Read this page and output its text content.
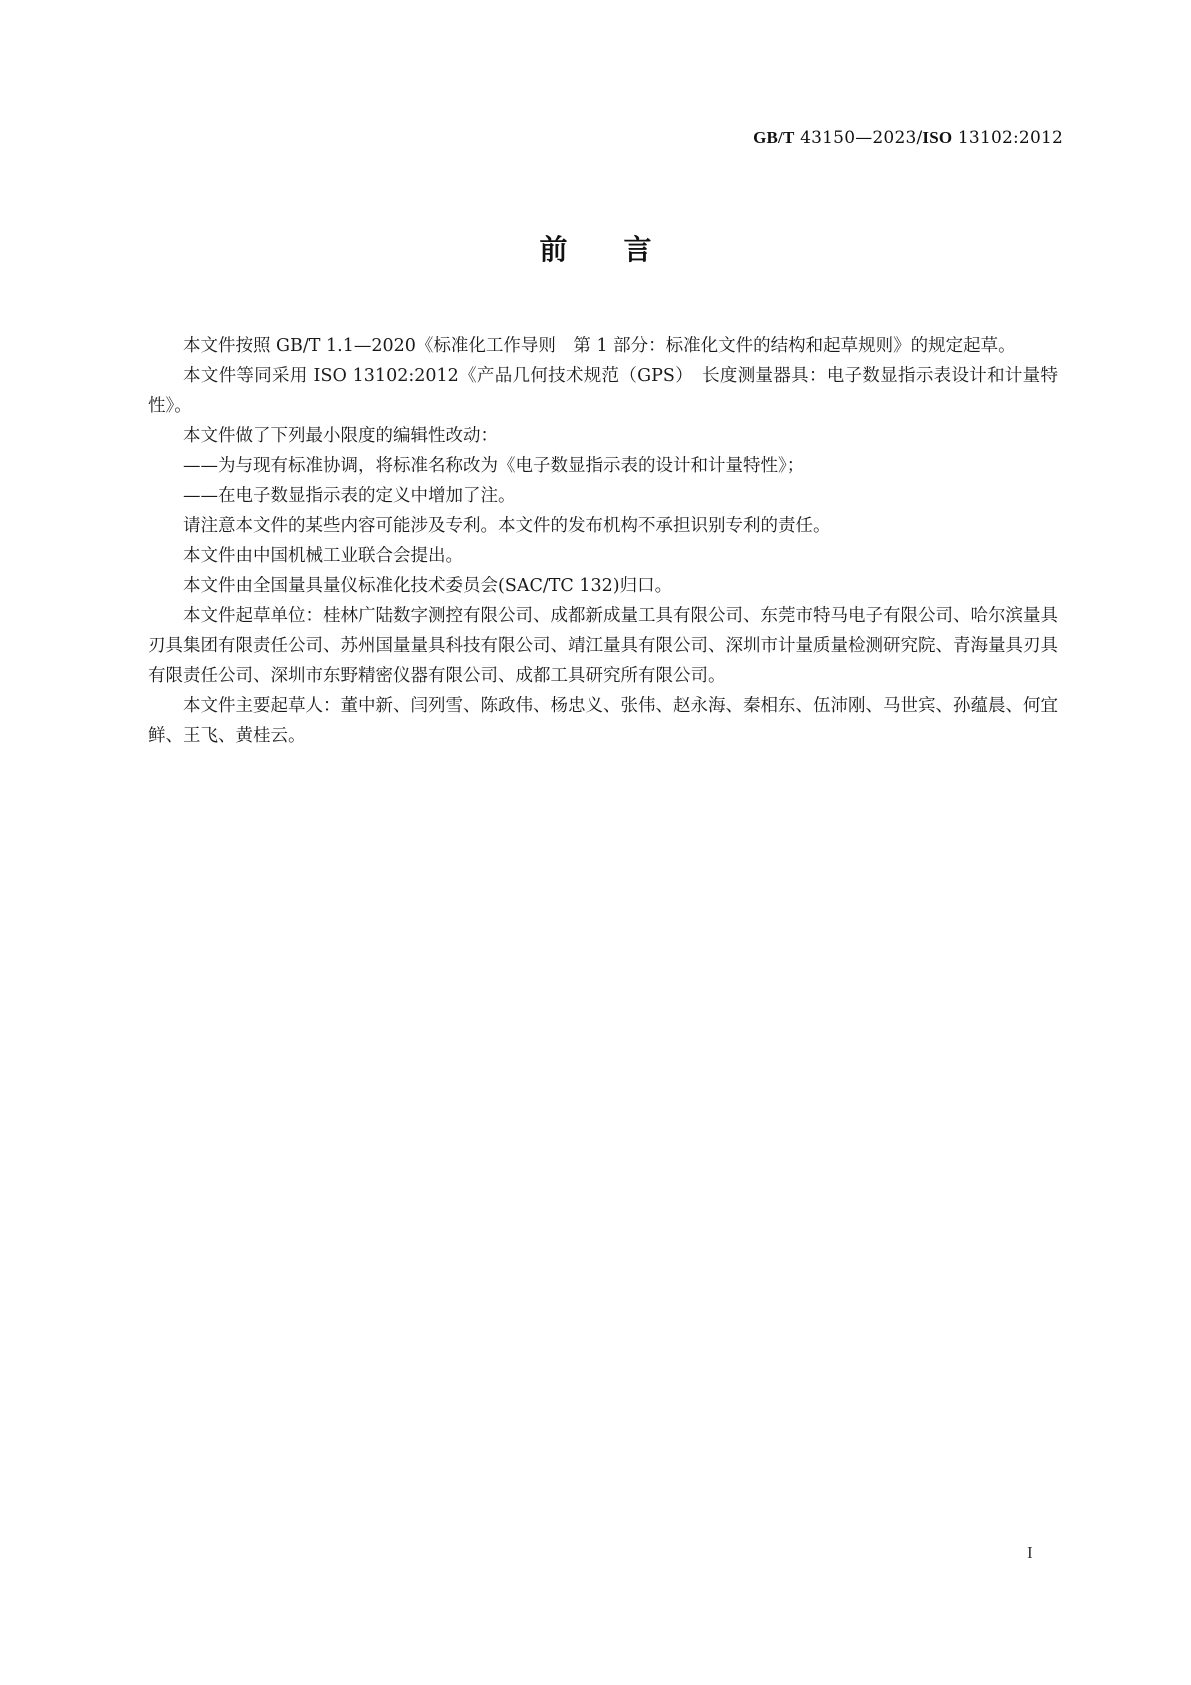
GB/T 43150—2023/ISO 13102:2012
前 言

本文件按照 GB/T 1.1—2020《标准化工作导则　第 1 部分：标准化文件的结构和起草规则》的规定起草。

本文件等同采用 ISO 13102:2012《产品几何技术规范（GPS）　长度测量器具：电子数显指示表设计和计量特性》。

本文件做了下列最小限度的编辑性改动：

——为与现有标准协调，将标准名称改为《电子数显指示表的设计和计量特性》；

——在电子数显指示表的定义中增加了注。

请注意本文件的某些内容可能涉及专利。本文件的发布机构不承担识别专利的责任。

本文件由中国机械工业联合会提出。

本文件由全国量具量仪标准化技术委员会(SAC/TC 132)归口。

本文件起草单位：桂林广陆数字测控有限公司、成都新成量工具有限公司、东莞市特马电子有限公司、哈尔滨量具刃具集团有限责任公司、苏州国量量具科技有限公司、靖江量具有限公司、深圳市计量质量检测研究院、青海量具刃具有限责任公司、深圳市东野精密仪器有限公司、成都工具研究所有限公司。

本文件主要起草人：董中新、闫列雪、陈政伟、杨忠义、张伟、赵永海、秦相东、伍沛刚、马世宾、孙蕴晨、何宜鲜、王飞、黄桂云。

I
